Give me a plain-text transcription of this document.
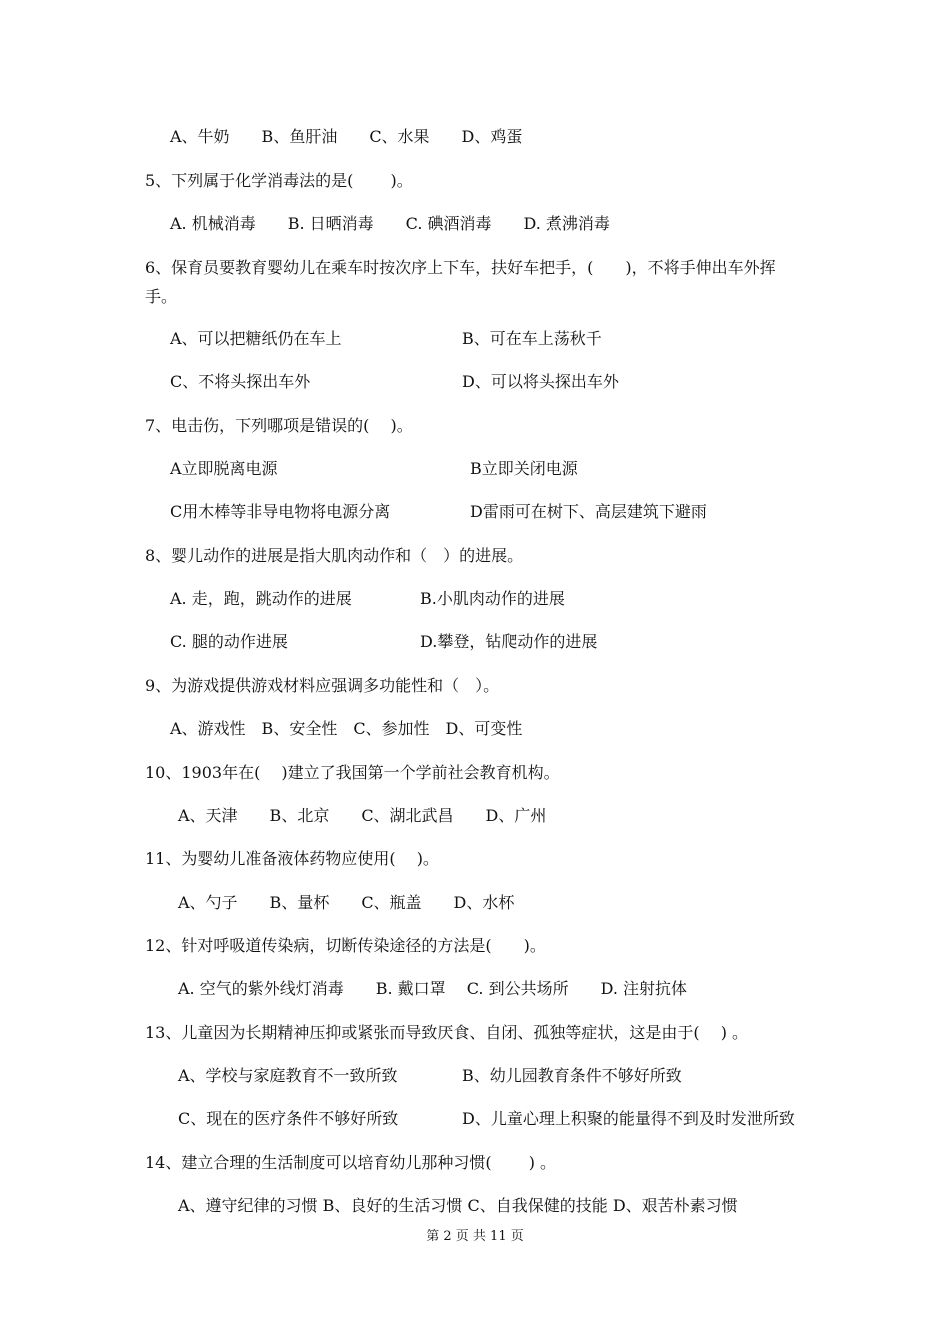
A、牛奶　　B、鱼肝油　　C、水果　　D、鸡蛋
5、下列属于化学消毒法的是(　　 )。
A. 机械消毒　　B. 日晒消毒　　C. 碘酒消毒　　D. 煮沸消毒
6、保育员要教育婴幼儿在乘车时按次序上下车，扶好车把手，(　　)，不将手伸出车外挥
手。
A、可以把糖纸仍在车上	B、可在车上荡秋千
C、不将头探出车外	D、可以将头探出车外
7、电击伤，下列哪项是错误的(　 )。
A立即脱离电源	B立即关闭电源
C用木棒等非导电物将电源分离	D雷雨可在树下、高层建筑下避雨
8、婴儿动作的进展是指大肌肉动作和（　）的进展。
A. 走，跑，跳动作的进展	B.小肌肉动作的进展
C. 腿的动作进展	D.攀登，钻爬动作的进展
9、为游戏提供游戏材料应强调多功能性和（　）。
A、游戏性　B、安全性　C、参加性　D、可变性
10、1903年在(　 )建立了我国第一个学前社会教育机构。
A、天津　　B、北京　　C、湖北武昌　　D、广州
11、为婴幼儿准备液体药物应使用(　 )。
A、勺子　　B、量杯　　C、瓶盖　　D、水杯
12、针对呼吸道传染病，切断传染途径的方法是(　　)。
A. 空气的紫外线灯消毒　　B. 戴口罩　 C. 到公共场所　　D. 注射抗体
13、儿童因为长期精神压抑或紧张而导致厌食、自闭、孤独等症状，这是由于(　 ) 。
A、学校与家庭教育不一致所致	B、幼儿园教育条件不够好所致
C、现在的医疗条件不够好所致	D、儿童心理上积聚的能量得不到及时发泄所致
14、建立合理的生活制度可以培育幼儿那种习惯(　　 ) 。
A、遵守纪律的习惯 B、良好的生活习惯 C、自我保健的技能 D、艰苦朴素习惯
第 2 页 共 11 页
